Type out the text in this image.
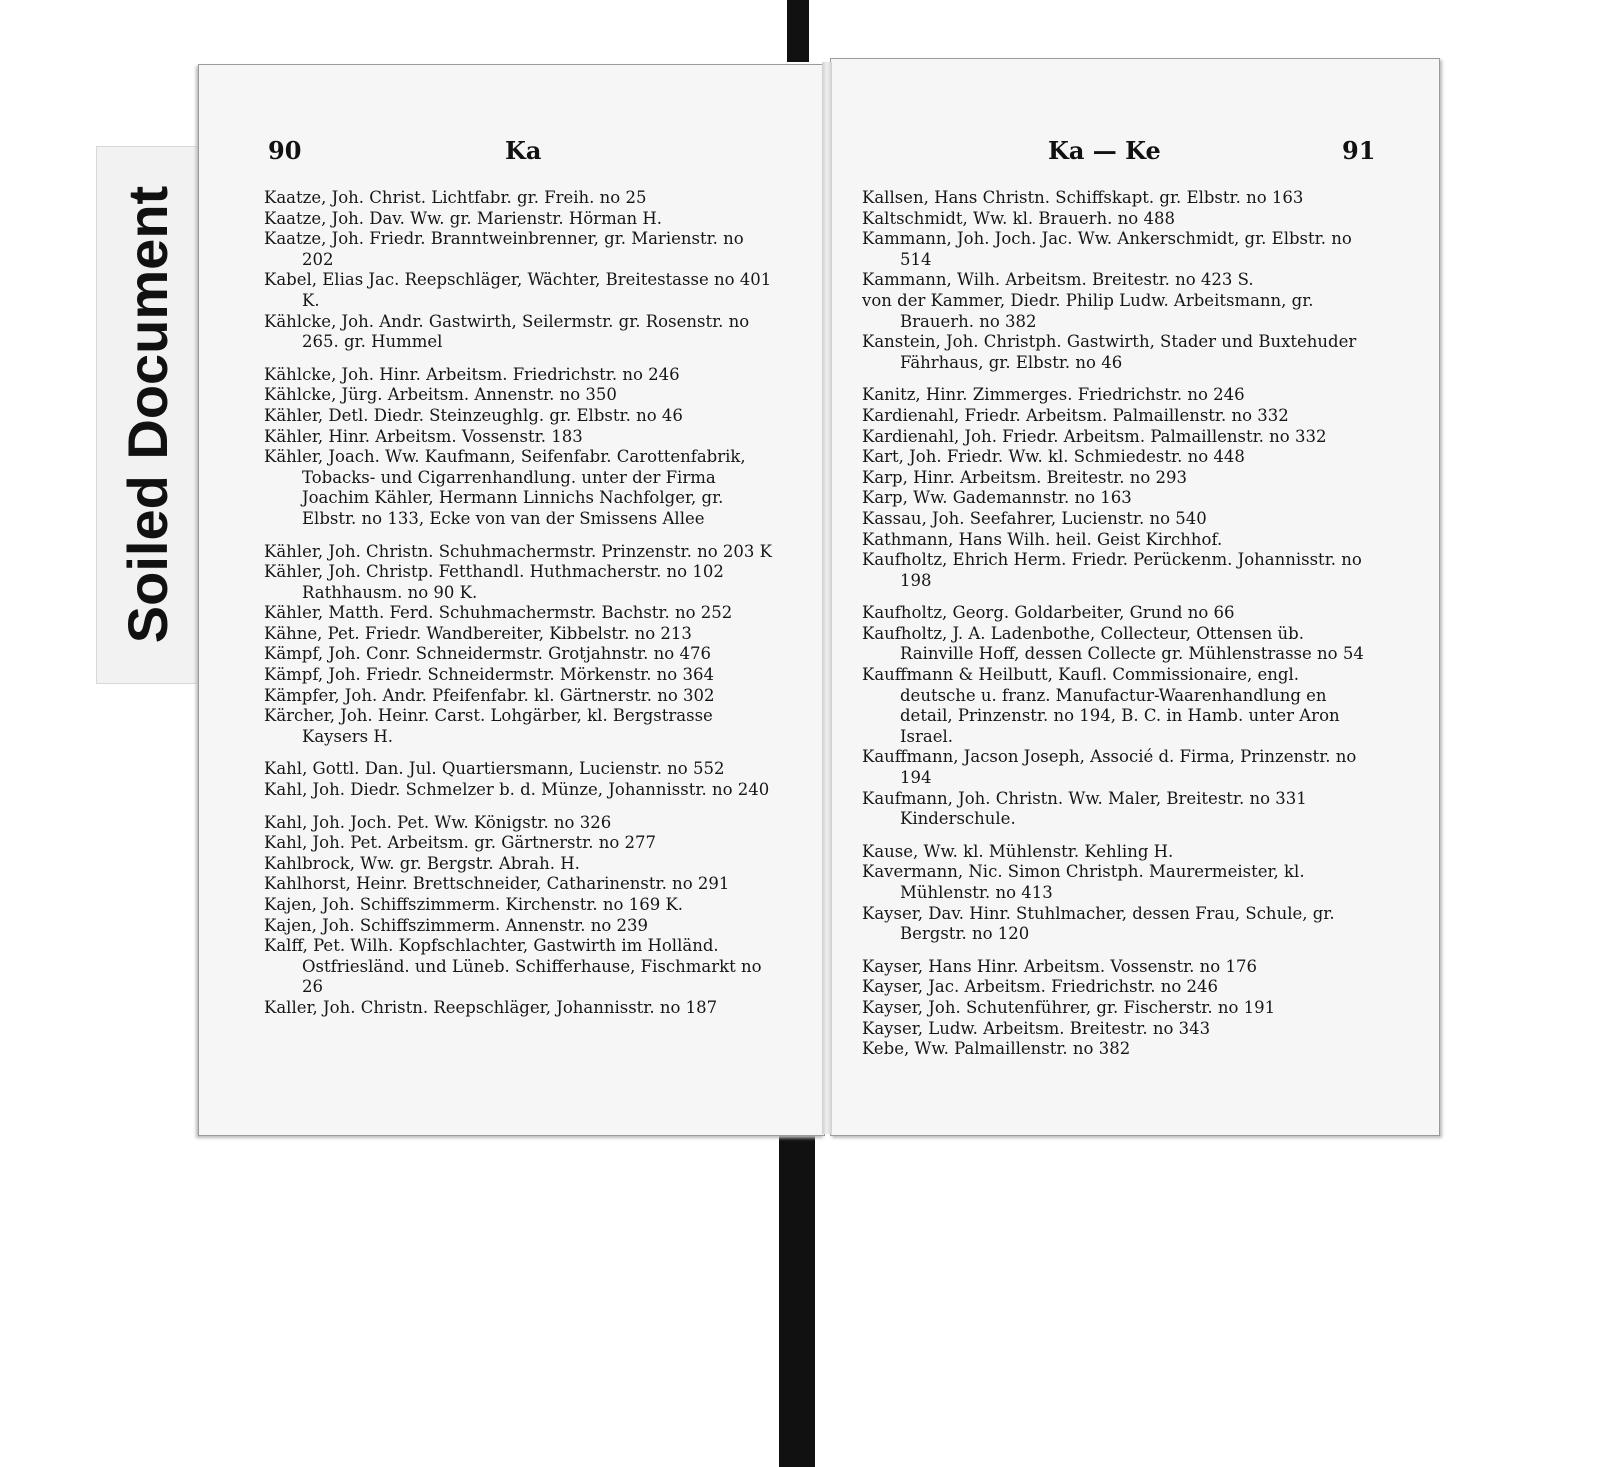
Soiled Document
90	Ka	Ka — Ke	91

Kaatze, Joh. Christ. Lichtfabr. gr. Freih. no 25

Kaatze, Joh. Dav. Ww. gr. Marienstr. Hörman H.

Kaatze, Joh. Friedr. Branntweinbrenner, gr. Marienstr. no 202

Kabel, Elias Jac. Reepschläger, Wächter, Breitestasse no 401 K.

Kählcke, Joh. Andr. Gastwirth, Seilermstr. gr. Rosenstr. no 265. gr. Hummel

Kählcke, Joh. Hinr. Arbeitsm. Friedrichstr. no 246

Kählcke, Jürg. Arbeitsm. Annenstr. no 350

Kähler, Detl. Diedr. Steinzeughlg. gr. Elbstr. no 46

Kähler, Hinr. Arbeitsm. Vossenstr. 183

Kähler, Joach. Ww. Kaufmann, Seifenfabr. Carottenfabrik, Tobacks- und Cigarrenhandlung. unter der Firma Joachim Kähler, Hermann Linnichs Nachfolger, gr. Elbstr. no 133, Ecke von van der Smissens Allee

Kähler, Joh. Christn. Schuhmachermstr. Prinzenstr. no 203 K

Kähler, Joh. Christp. Fetthandl. Huthmacherstr. no 102 Rathhausm. no 90 K.

Kähler, Matth. Ferd. Schuhmachermstr. Bachstr. no 252

Kähne, Pet. Friedr. Wandbereiter, Kibbelstr. no 213

Kämpf, Joh. Conr. Schneidermstr. Grotjahnstr. no 476

Kämpf, Joh. Friedr. Schneidermstr. Mörkenstr. no 364

Kämpfer, Joh. Andr. Pfeifenfabr. kl. Gärtnerstr. no 302

Kärcher, Joh. Heinr. Carst. Lohgärber, kl. Bergstrasse Kaysers H.

Kahl, Gottl. Dan. Jul. Quartiersmann, Lucienstr. no 552

Kahl, Joh. Diedr. Schmelzer b. d. Münze, Johannisstr. no 240

Kahl, Joh. Joch. Pet. Ww. Königstr. no 326

Kahl, Joh. Pet. Arbeitsm. gr. Gärtnerstr. no 277

Kahlbrock, Ww. gr. Bergstr. Abrah. H.

Kahlhorst, Heinr. Brettschneider, Catharinenstr. no 291

Kajen, Joh. Schiffszimmerm. Kirchenstr. no 169 K.

Kajen, Joh. Schiffszimmerm. Annenstr. no 239

Kalff, Pet. Wilh. Kopfschlachter, Gastwirth im Holländ. Ostfriesländ. und Lüneb. Schifferhause, Fischmarkt no 26

Kaller, Joh. Christn. Reepschläger, Johannisstr. no 187

Kallsen, Hans Christn. Schiffskapt. gr. Elbstr. no 163

Kaltschmidt, Ww. kl. Brauerh. no 488

Kammann, Joh. Joch. Jac. Ww. Ankerschmidt, gr. Elbstr. no 514

Kammann, Wilh. Arbeitsm. Breitestr. no 423 S.

von der Kammer, Diedr. Philip Ludw. Arbeitsmann, gr. Brauerh. no 382

Kanstein, Joh. Christph. Gastwirth, Stader und Buxtehuder Fährhaus, gr. Elbstr. no 46

Kanitz, Hinr. Zimmerges. Friedrichstr. no 246

Kardienahl, Friedr. Arbeitsm. Palmaillenstr. no 332

Kardienahl, Joh. Friedr. Arbeitsm. Palmaillenstr. no 332

Kart, Joh. Friedr. Ww. kl. Schmiedestr. no 448

Karp, Hinr. Arbeitsm. Breitestr. no 293

Karp, Ww. Gademannstr. no 163

Kassau, Joh. Seefahrer, Lucienstr. no 540

Kathmann, Hans Wilh. heil. Geist Kirchhof.

Kaufholtz, Ehrich Herm. Friedr. Perückenm. Johannisstr. no 198

Kaufholtz, Georg. Goldarbeiter, Grund no 66

Kaufholtz, J. A. Ladenbothe, Collecteur, Ottensen üb. Rainville Hoff, dessen Collecte gr. Mühlenstrasse no 54

Kauffmann & Heilbutt, Kaufl. Commissionaire, engl. deutsche u. franz. Manufactur-Waarenhandlung en detail, Prinzenstr. no 194, B. C. in Hamb. unter Aron Israel.

Kauffmann, Jacson Joseph, Associé d. Firma, Prinzenstr. no 194

Kaufmann, Joh. Christn. Ww. Maler, Breitestr. no 331 Kinderschule.

Kause, Ww. kl. Mühlenstr. Kehling H.

Kavermann, Nic. Simon Christph. Maurermeister, kl. Mühlenstr. no 413

Kayser, Dav. Hinr. Stuhlmacher, dessen Frau, Schule, gr. Bergstr. no 120

Kayser, Hans Hinr. Arbeitsm. Vossenstr. no 176

Kayser, Jac. Arbeitsm. Friedrichstr. no 246

Kayser, Joh. Schutenführer, gr. Fischerstr. no 191

Kayser, Ludw. Arbeitsm. Breitestr. no 343

Kebe, Ww. Palmaillenstr. no 382
